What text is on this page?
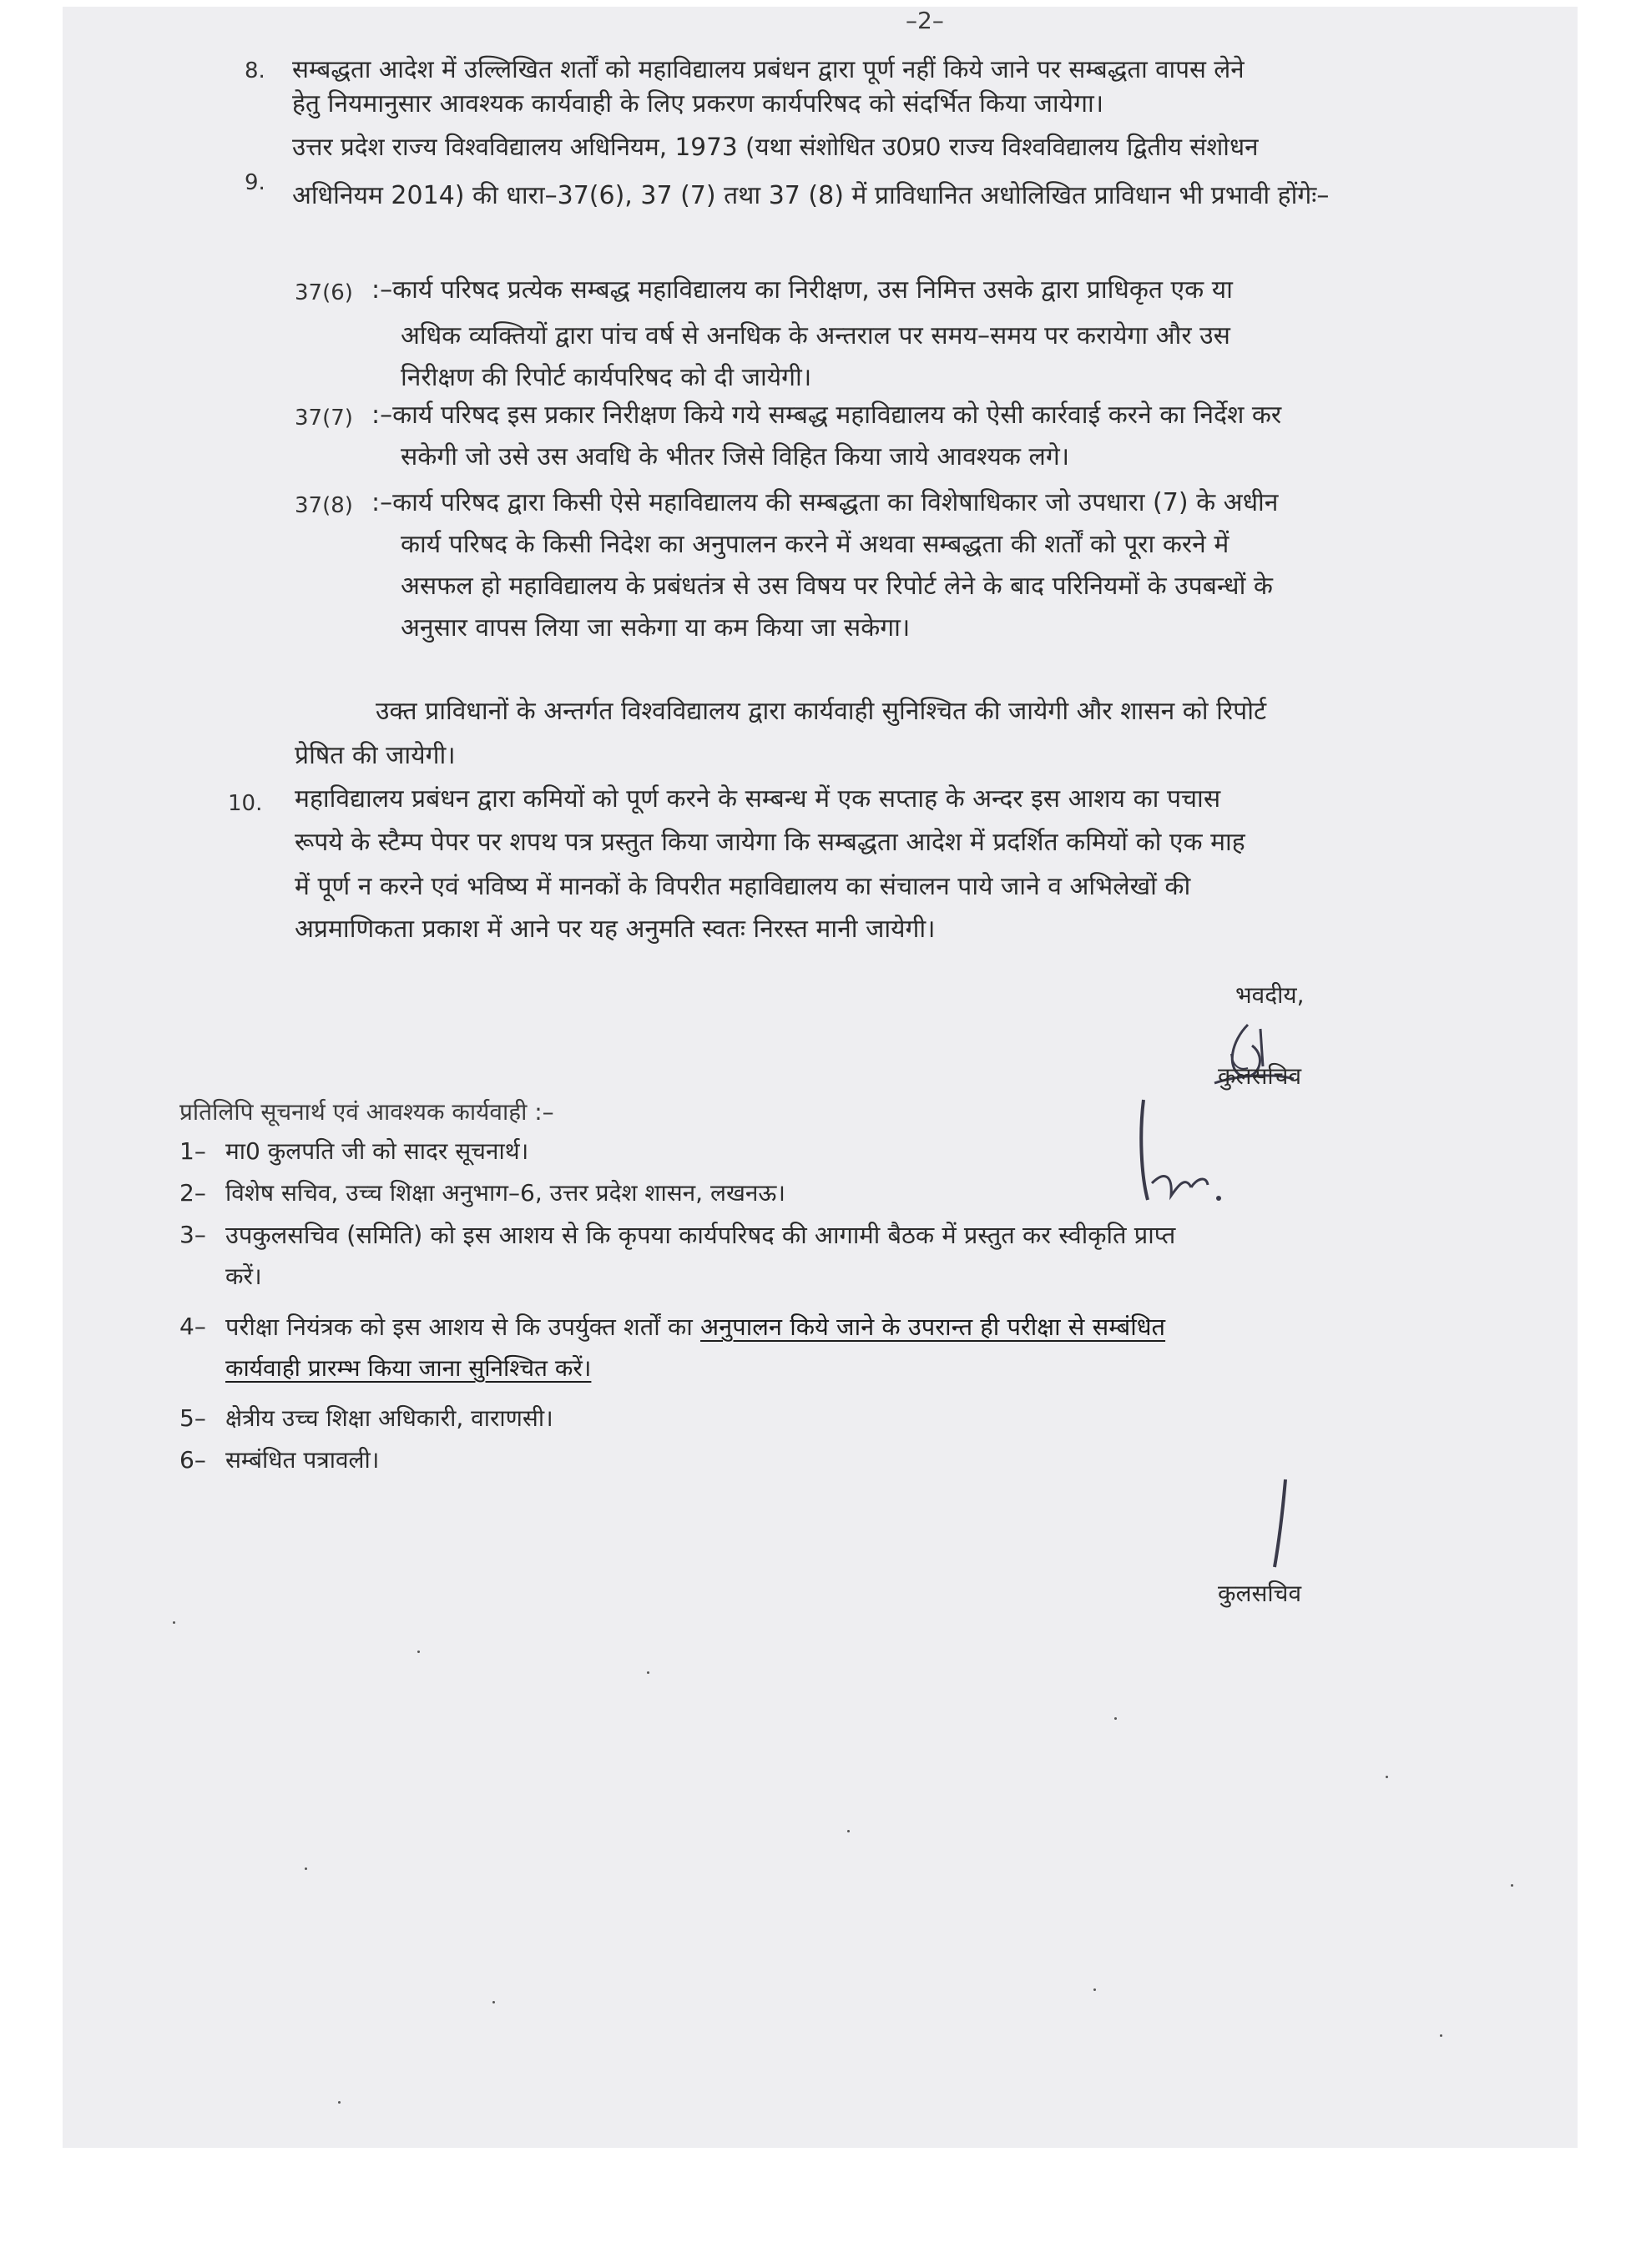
–2–
8. सम्बद्धता आदेश में उल्लिखित शर्तों को महाविद्यालय प्रबंधन द्वारा पूर्ण नहीं किये जाने पर सम्बद्धता वापस लेने
हेतु नियमानुसार आवश्यक कार्यवाही के लिए प्रकरण कार्यपरिषद को संदर्भित किया जायेगा।
9.
उत्तर प्रदेश राज्य विश्वविद्यालय अधिनियम, 1973 (यथा संशोधित उ0प्र0 राज्य विश्वविद्यालय द्वितीय संशोधन
अधिनियम 2014) की धारा–37(6), 37 (7) तथा 37 (8) में प्राविधानित अधोलिखित प्राविधान भी प्रभावी होंगेः–
37(6) :–कार्य परिषद प्रत्येक सम्बद्ध महाविद्यालय का निरीक्षण, उस निमित्त उसके द्वारा प्राधिकृत एक या
अधिक व्यक्तियों द्वारा पांच वर्ष से अनधिक के अन्तराल पर समय–समय पर करायेगा और उस
निरीक्षण की रिपोर्ट कार्यपरिषद को दी जायेगी।
37(7) :–कार्य परिषद इस प्रकार निरीक्षण किये गये सम्बद्ध महाविद्यालय को ऐसी कार्रवाई करने का निर्देश कर
सकेगी जो उसे उस अवधि के भीतर जिसे विहित किया जाये आवश्यक लगे।
37(8) :–कार्य परिषद द्वारा किसी ऐसे महाविद्यालय की सम्बद्धता का विशेषाधिकार जो उपधारा (7) के अधीन
कार्य परिषद के किसी निदेश का अनुपालन करने में अथवा सम्बद्धता की शर्तों को पूरा करने में
असफल हो महाविद्यालय के प्रबंधतंत्र से उस विषय पर रिपोर्ट लेने के बाद परिनियमों के उपबन्धों के
अनुसार वापस लिया जा सकेगा या कम किया जा सकेगा।
उक्त प्राविधानों के अन्तर्गत विश्वविद्यालय द्वारा कार्यवाही सुनिश्चित की जायेगी और शासन को रिपोर्ट
प्रेषित की जायेगी।
10. महाविद्यालय प्रबंधन द्वारा कमियों को पूर्ण करने के सम्बन्ध में एक सप्ताह के अन्दर इस आशय का पचास
रूपये के स्टैम्प पेपर पर शपथ पत्र प्रस्तुत किया जायेगा कि सम्बद्धता आदेश में प्रदर्शित कमियों को एक माह
में पूर्ण न करने एवं भविष्य में मानकों के विपरीत महाविद्यालय का संचालन पाये जाने व अभिलेखों की
अप्रमाणिकता प्रकाश में आने पर यह अनुमति स्वतः निरस्त मानी जायेगी।
भवदीय,
कुलसचिव
प्रतिलिपि सूचनार्थ एवं आवश्यक कार्यवाही :–
1– मा0 कुलपति जी को सादर सूचनार्थ।
2– विशेष सचिव, उच्च शिक्षा अनुभाग–6, उत्तर प्रदेश शासन, लखनऊ।
3– उपकुलसचिव (समिति) को इस आशय से कि कृपया कार्यपरिषद की आगामी बैठक में प्रस्तुत कर स्वीकृति प्राप्त
करें।
4– परीक्षा नियंत्रक को इस आशय से कि उपर्युक्त शर्तों का अनुपालन किये जाने के उपरान्त ही परीक्षा से सम्बंधित
कार्यवाही प्रारम्भ किया जाना सुनिश्चित करें।
5– क्षेत्रीय उच्च शिक्षा अधिकारी, वाराणसी।
6– सम्बंधित पत्रावली।
कुलसचिव
